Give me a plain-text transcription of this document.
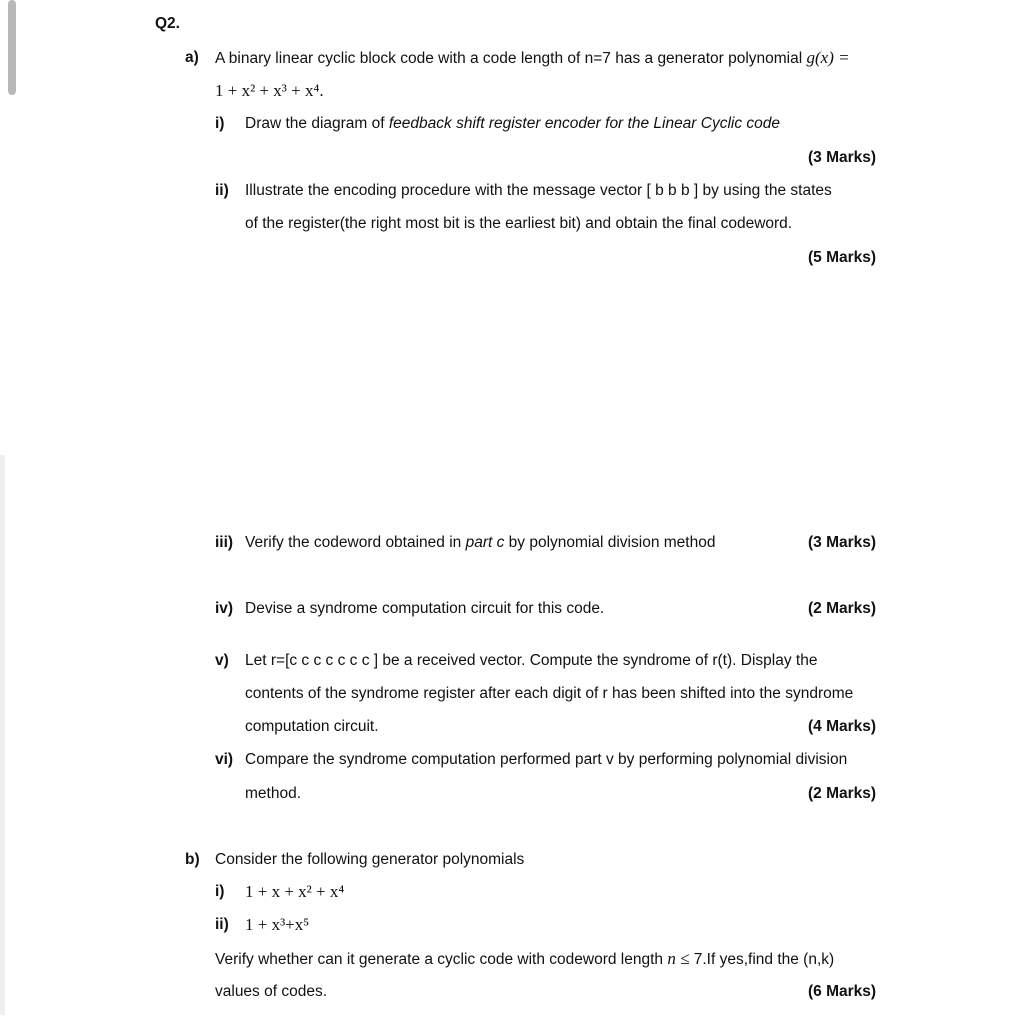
Q2.
a) A binary linear cyclic block code with a code length of n=7 has a generator polynomial g(x) =
1 + x² + x³ + x⁴.
i) Draw the diagram of feedback shift register encoder for the Linear Cyclic code
(3 Marks)
ii) Illustrate the encoding procedure with the message vector [ b b b ] by using the states
of the register(the right most bit is the earliest bit) and obtain the final codeword.
(5 Marks)
iii) Verify the codeword obtained in part c by polynomial division method	(3 Marks)
iv) Devise a syndrome computation circuit for this code.	(2 Marks)
v) Let r=[c c c c c c c ] be a received vector. Compute the syndrome of r(t). Display the
contents of the syndrome register after each digit of r has been shifted into the syndrome
computation circuit.	(4 Marks)
vi) Compare the syndrome computation performed part v by performing polynomial division
method.	(2 Marks)
b) Consider the following generator polynomials
i) 1 + x + x² + x⁴
ii) 1 + x³+x⁵
Verify whether can it generate a cyclic code with codeword length n ≤ 7.If yes,find the (n,k)
values of codes.	(6 Marks)
